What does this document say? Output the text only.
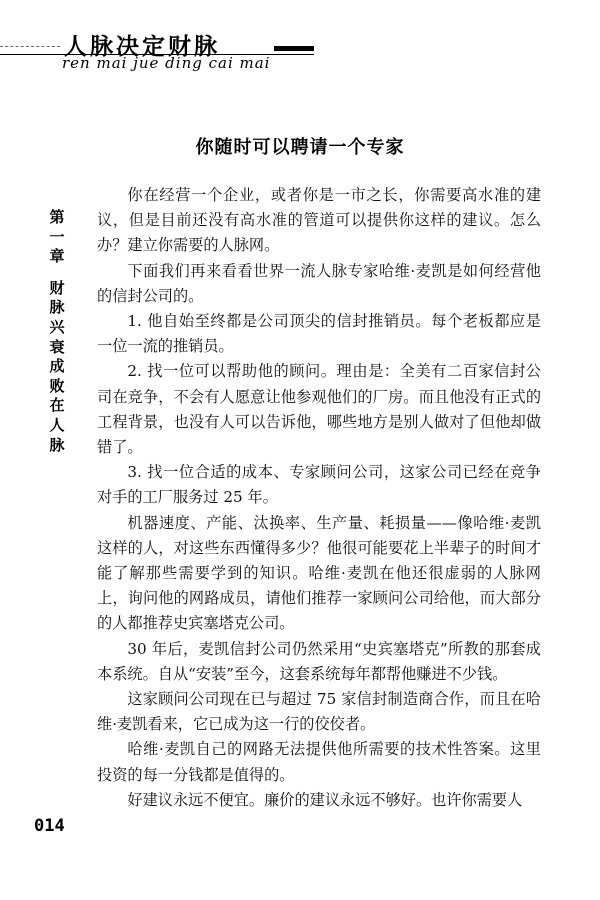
人脉决定财脉
ren mai jue ding cai mai
你随时可以聘请一个专家
第
一
章
财
脉
兴
衰
成
败
在
人
脉

你在经营一个企业，或者你是一市之长，你需要高水准的建议，但是目前还没有高水准的管道可以提供你这样的建议。怎么办？建立你需要的人脉网。

下面我们再来看看世界一流人脉专家哈维·麦凯是如何经营他的信封公司的。

1. 他自始至终都是公司顶尖的信封推销员。每个老板都应是一位一流的推销员。

2. 找一位可以帮助他的顾问。理由是：全美有二百家信封公司在竞争，不会有人愿意让他参观他们的厂房。而且他没有正式的工程背景，也没有人可以告诉他，哪些地方是别人做对了但他却做错了。

3. 找一位合适的成本、专家顾问公司，这家公司已经在竞争对手的工厂服务过 25 年。

机器速度、产能、汰换率、生产量、耗损量——像哈维·麦凯这样的人，对这些东西懂得多少？他很可能要花上半辈子的时间才能了解那些需要学到的知识。哈维·麦凯在他还很虚弱的人脉网上，询问他的网路成员，请他们推荐一家顾问公司给他，而大部分的人都推荐史宾塞塔克公司。

30 年后，麦凯信封公司仍然采用“史宾塞塔克”所教的那套成本系统。自从“安装”至今，这套系统每年都帮他赚进不少钱。

这家顾问公司现在已与超过 75 家信封制造商合作，而且在哈维·麦凯看来，它已成为这一行的佼佼者。

哈维·麦凯自己的网路无法提供他所需要的技术性答案。这里投资的每一分钱都是值得的。

好建议永远不便宜。廉价的建议永远不够好。也许你需要人

014
